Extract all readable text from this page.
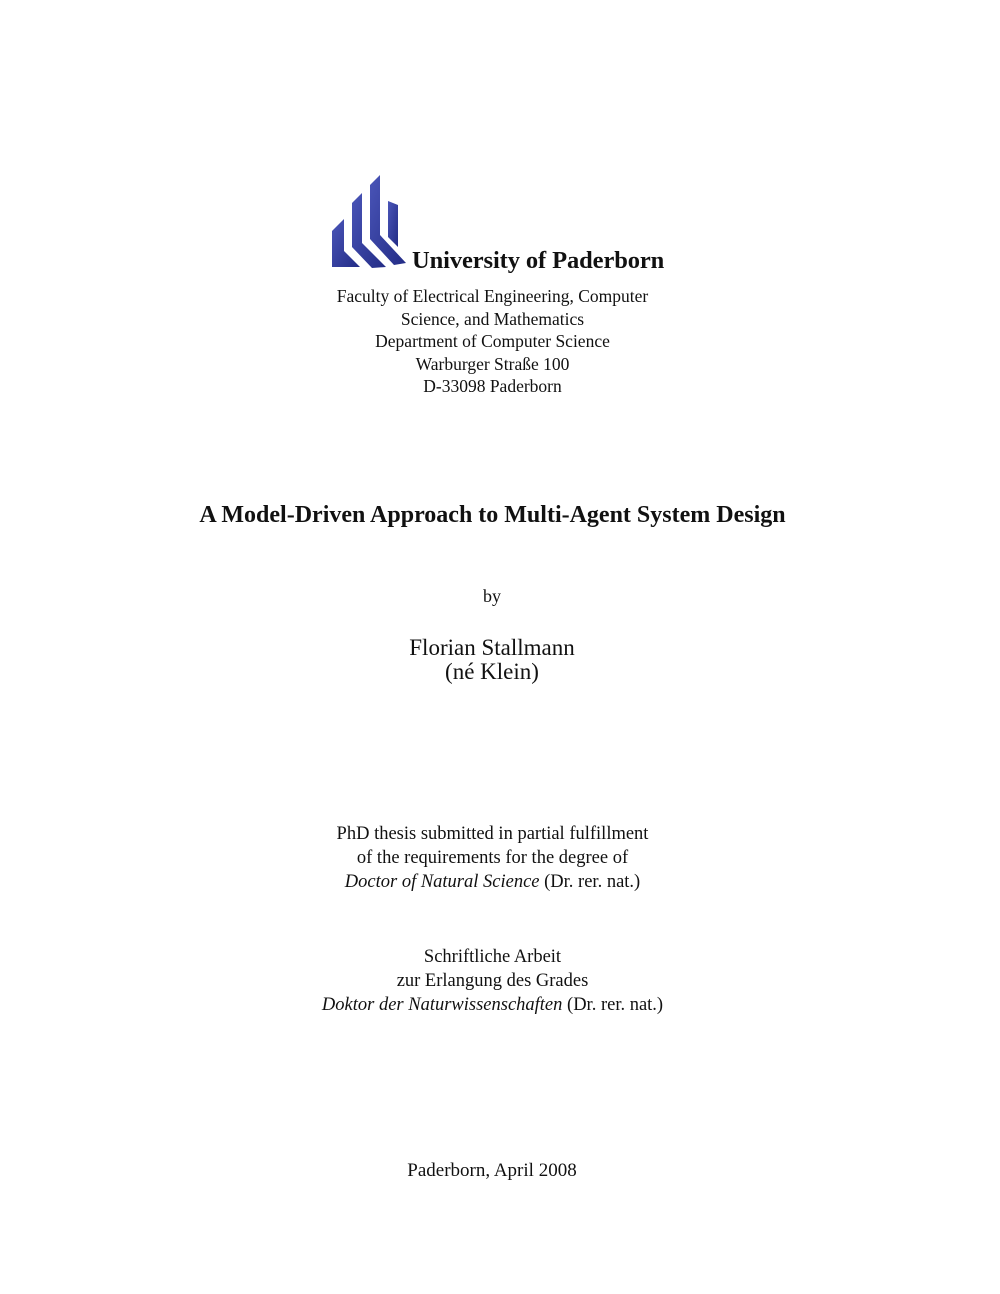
University of Paderborn
Faculty of Electrical Engineering, Computer
Science, and Mathematics
Department of Computer Science
Warburger Straße 100
D-33098 Paderborn
A Model-Driven Approach to Multi-Agent System Design
by
Florian Stallmann
(né Klein)
PhD thesis submitted in partial fulfillment
of the requirements for the degree of
Doctor of Natural Science (Dr. rer. nat.)
Schriftliche Arbeit
zur Erlangung des Grades
Doktor der Naturwissenschaften (Dr. rer. nat.)
Paderborn, April 2008
